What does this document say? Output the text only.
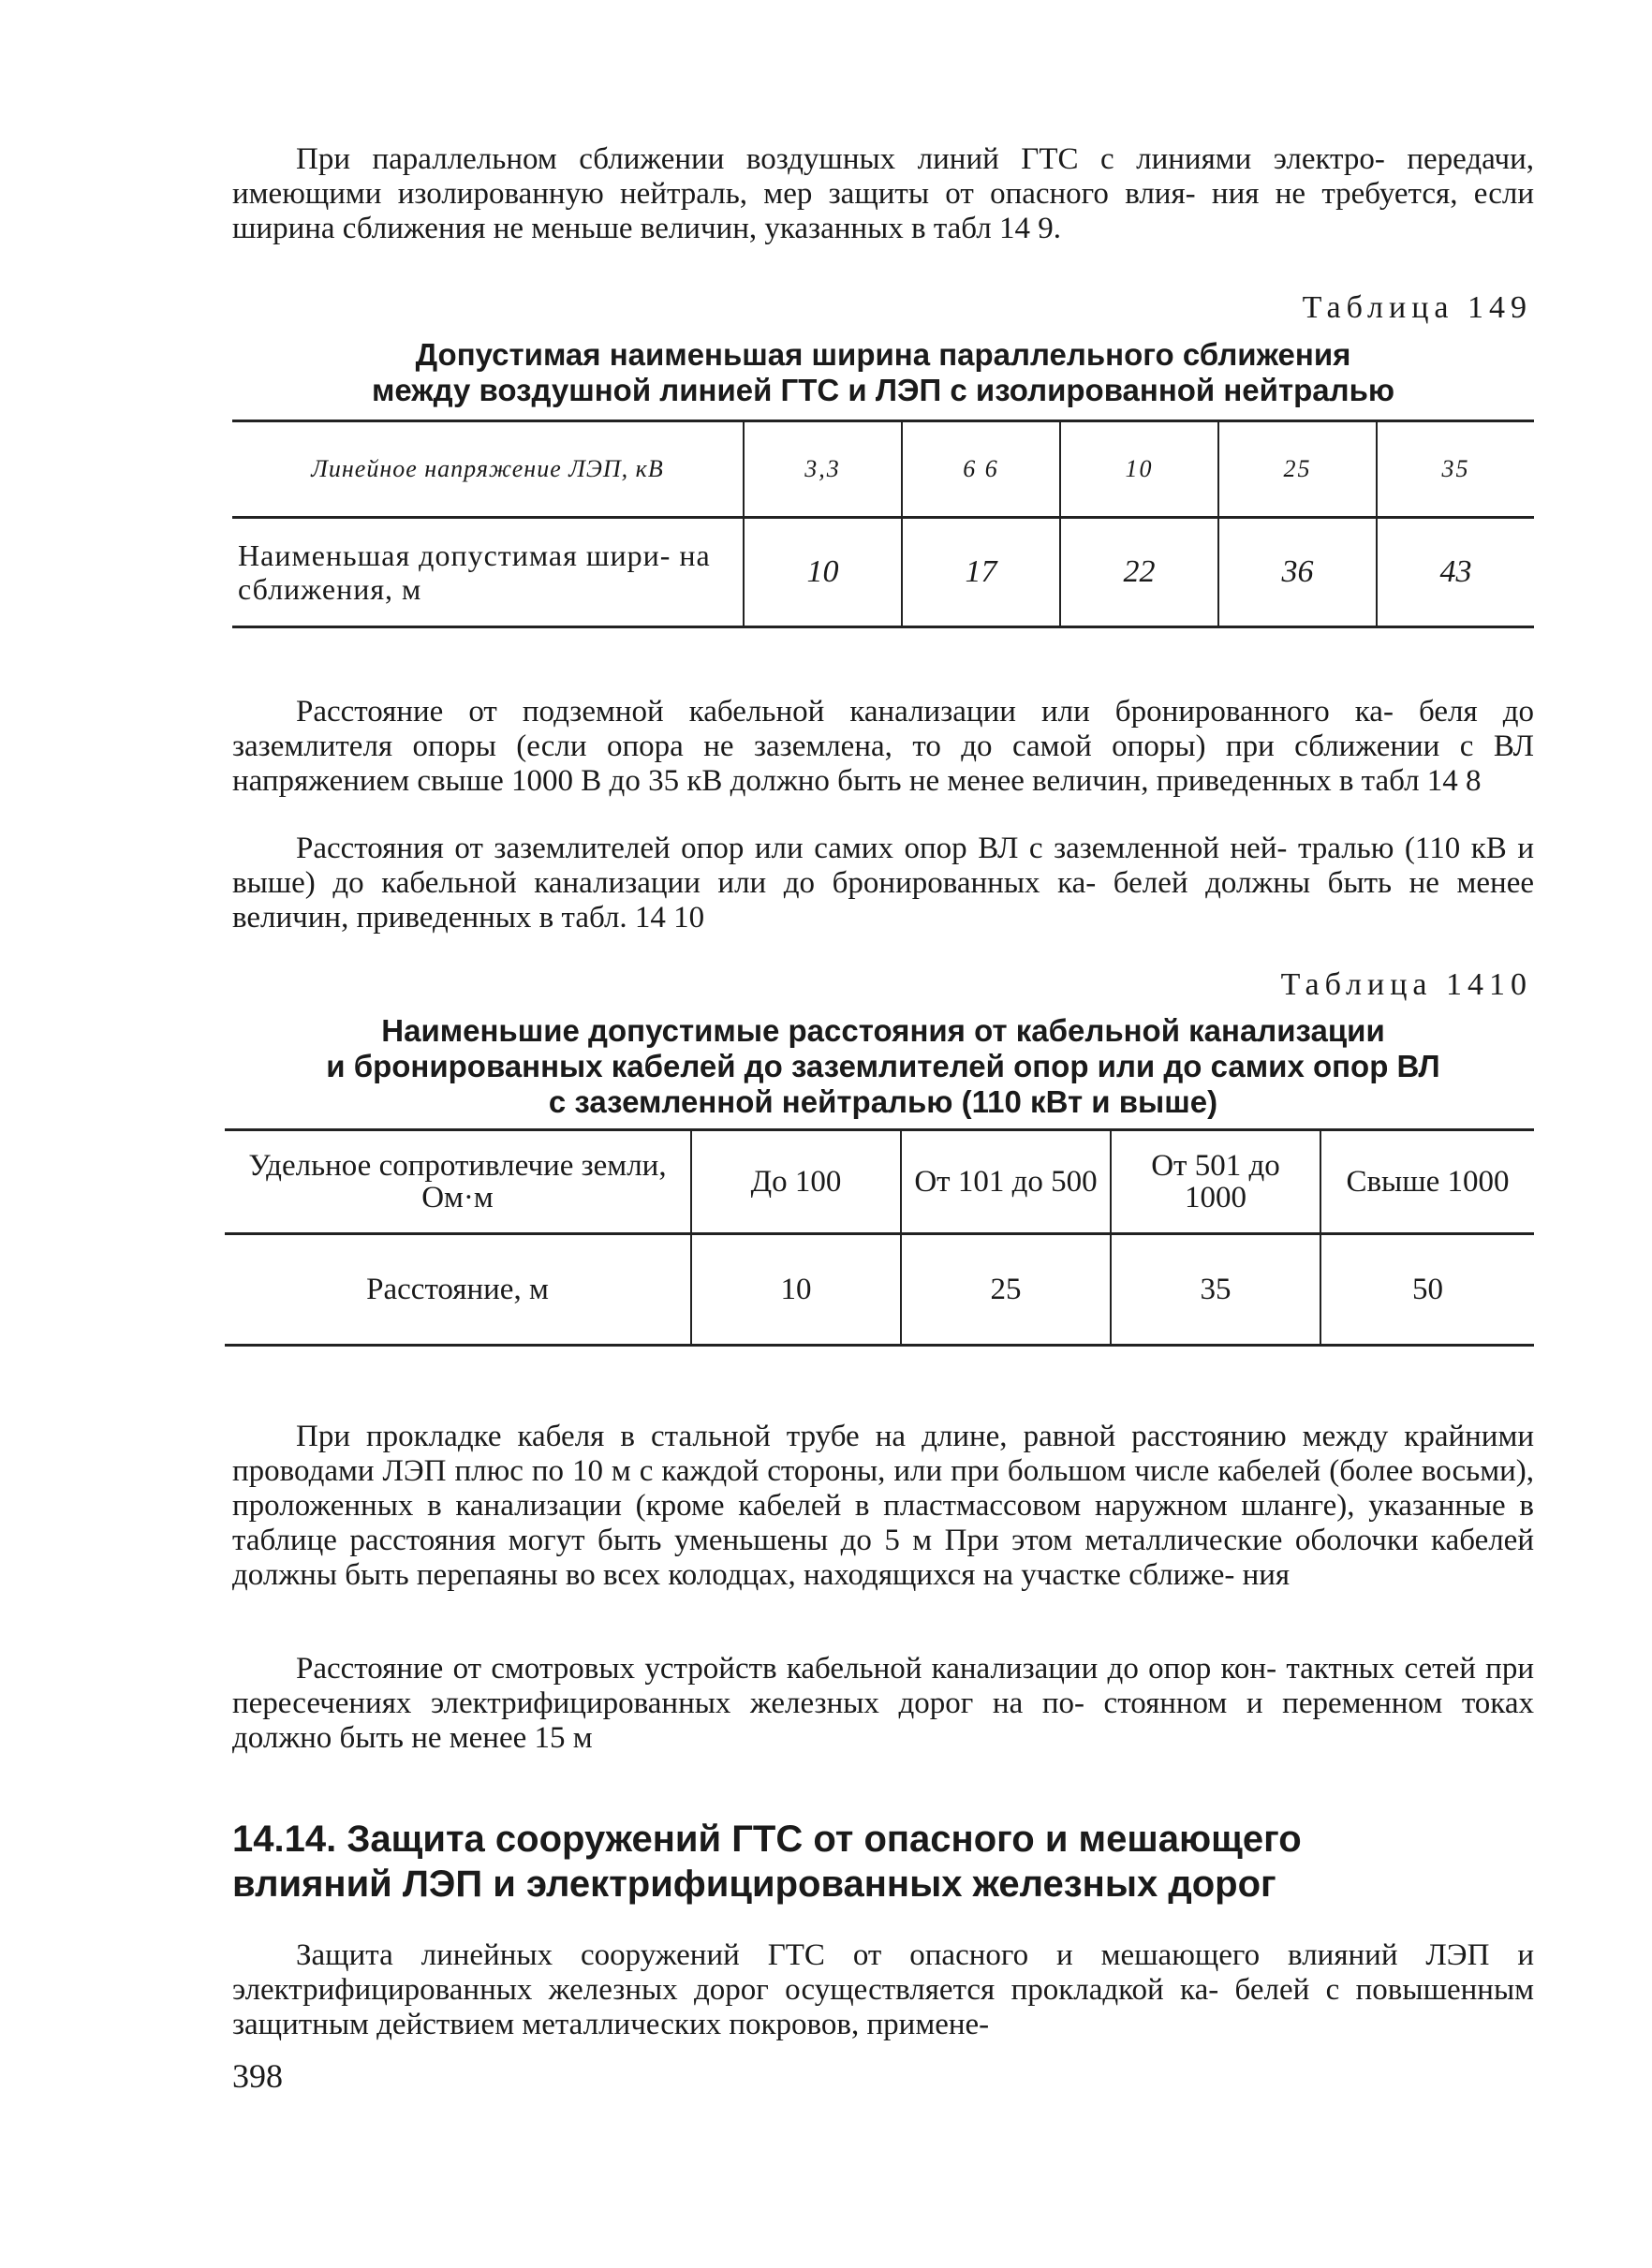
При параллельном сближении воздушных линий ГТС с линиями электро- передачи, имеющими изолированную нейтраль, мер защиты от опасного влия- ния не требуется, если ширина сближения не меньше величин, указанных в табл 14 9.

Таблица 149

Допустимая наименьшая ширина параллельного сближения
между воздушной линией ГТС и ЛЭП с изолированной нейтралью

Линейное напряжение ЛЭП, кВ	3,3	6 6	10	25	35
Наименьшая допустимая шири- на сближения, м	10	17	22	36	43

Расстояние от подземной кабельной канализации или бронированного ка- беля до заземлителя опоры (если опора не заземлена, то до самой опоры) при сближении с ВЛ напряжением свыше 1000 В до 35 кВ должно быть не менее величин, приведенных в табл 14 8

Расстояния от заземлителей опор или самих опор ВЛ с заземленной ней- тралью (110 кВ и выше) до кабельной канализации или до бронированных ка- белей должны быть не менее величин, приведенных в табл. 14 10

Таблица 1410

Наименьшие допустимые расстояния от кабельной канализации
и бронированных кабелей до заземлителей опор или до самих опор ВЛ
с заземленной нейтралью (110 кВт и выше)

Удельное сопротивлечие земли, Ом·м	До 100	От 101 до 500	От 501 до 1000	Свыше 1000
Расстояние, м	10	25	35	50

При прокладке кабеля в стальной трубе на длине, равной расстоянию между крайними проводами ЛЭП плюс по 10 м с каждой стороны, или при большом числе кабелей (более восьми), проложенных в канализации (кроме кабелей в пластмассовом наружном шланге), указанные в таблице расстояния могут быть уменьшены до 5 м При этом металлические оболочки кабелей должны быть перепаяны во всех колодцах, находящихся на участке сближе- ния

Расстояние от смотровых устройств кабельной канализации до опор кон- тактных сетей при пересечениях электрифицированных железных дорог на по- стоянном и переменном токах должно быть не менее 15 м

14.14. Защита сооружений ГТС от опасного и мешающего
влияний ЛЭП и электрифицированных железных дорог

Защита линейных сооружений ГТС от опасного и мешающего влияний ЛЭП и электрифицированных железных дорог осуществляется прокладкой ка- белей с повышенным защитным действием металлических покровов, примене-

398
